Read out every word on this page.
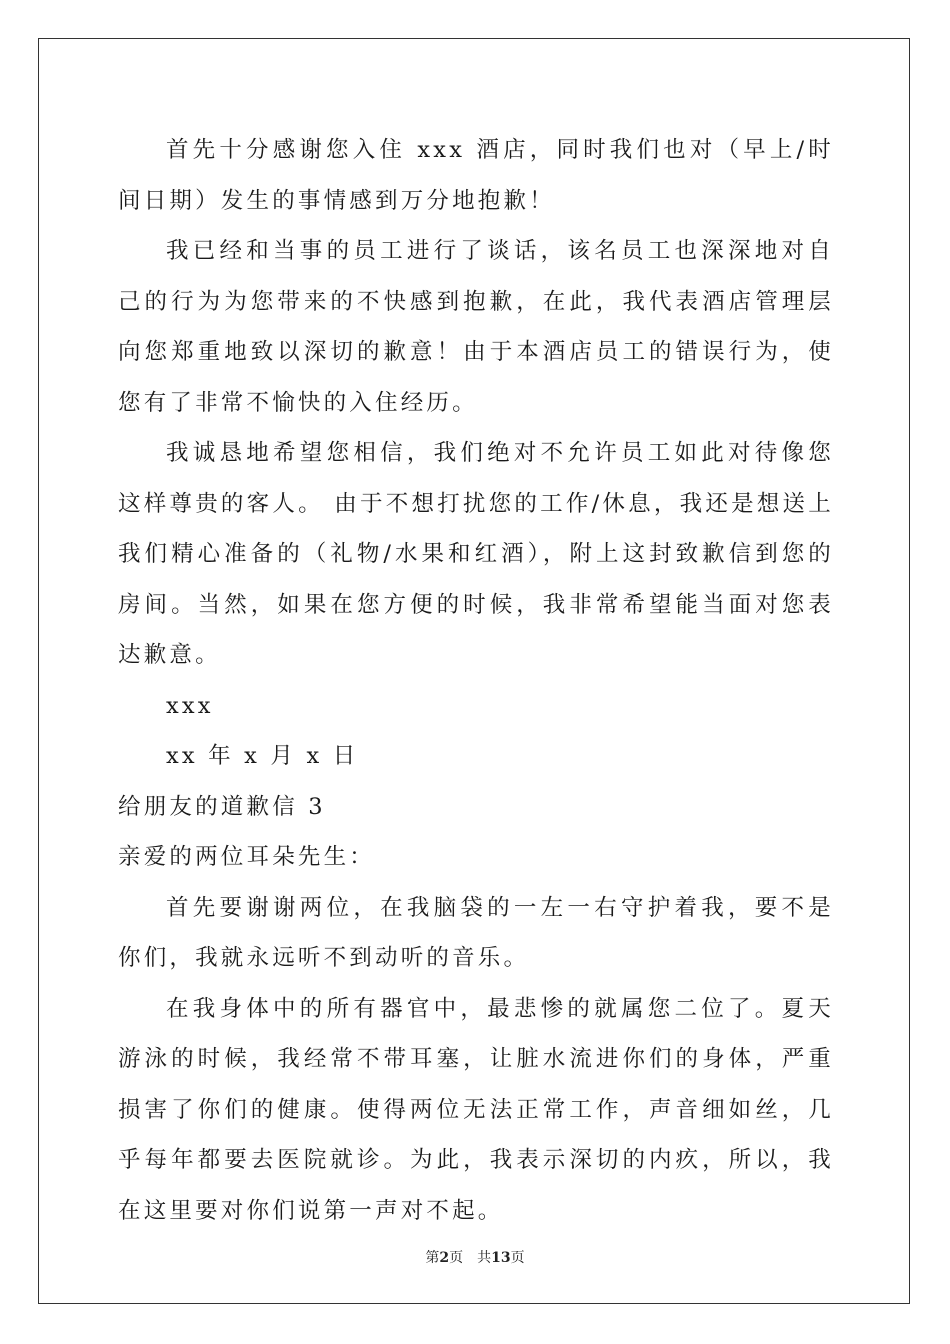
首先十分感谢您入住 xxx 酒店，同时我们也对（早上/时间日期）发生的事情感到万分地抱歉！

我已经和当事的员工进行了谈话，该名员工也深深地对自己的行为为您带来的不快感到抱歉，在此，我代表酒店管理层向您郑重地致以深切的歉意！由于本酒店员工的错误行为，使您有了非常不愉快的入住经历。

我诚恳地希望您相信，我们绝对不允许员工如此对待像您这样尊贵的客人。 由于不想打扰您的工作/休息，我还是想送上我们精心准备的（礼物/水果和红酒），附上这封致歉信到您的房间。当然，如果在您方便的时候，我非常希望能当面对您表达歉意。

xxx

xx 年 x 月 x 日

给朋友的道歉信 3

亲爱的两位耳朵先生：

首先要谢谢两位，在我脑袋的一左一右守护着我，要不是你们，我就永远听不到动听的音乐。

在我身体中的所有器官中，最悲惨的就属您二位了。夏天游泳的时候，我经常不带耳塞，让脏水流进你们的身体，严重损害了你们的健康。使得两位无法正常工作，声音细如丝，几乎每年都要去医院就诊。为此，我表示深切的内疚，所以，我在这里要对你们说第一声对不起。

第2页　共13页
